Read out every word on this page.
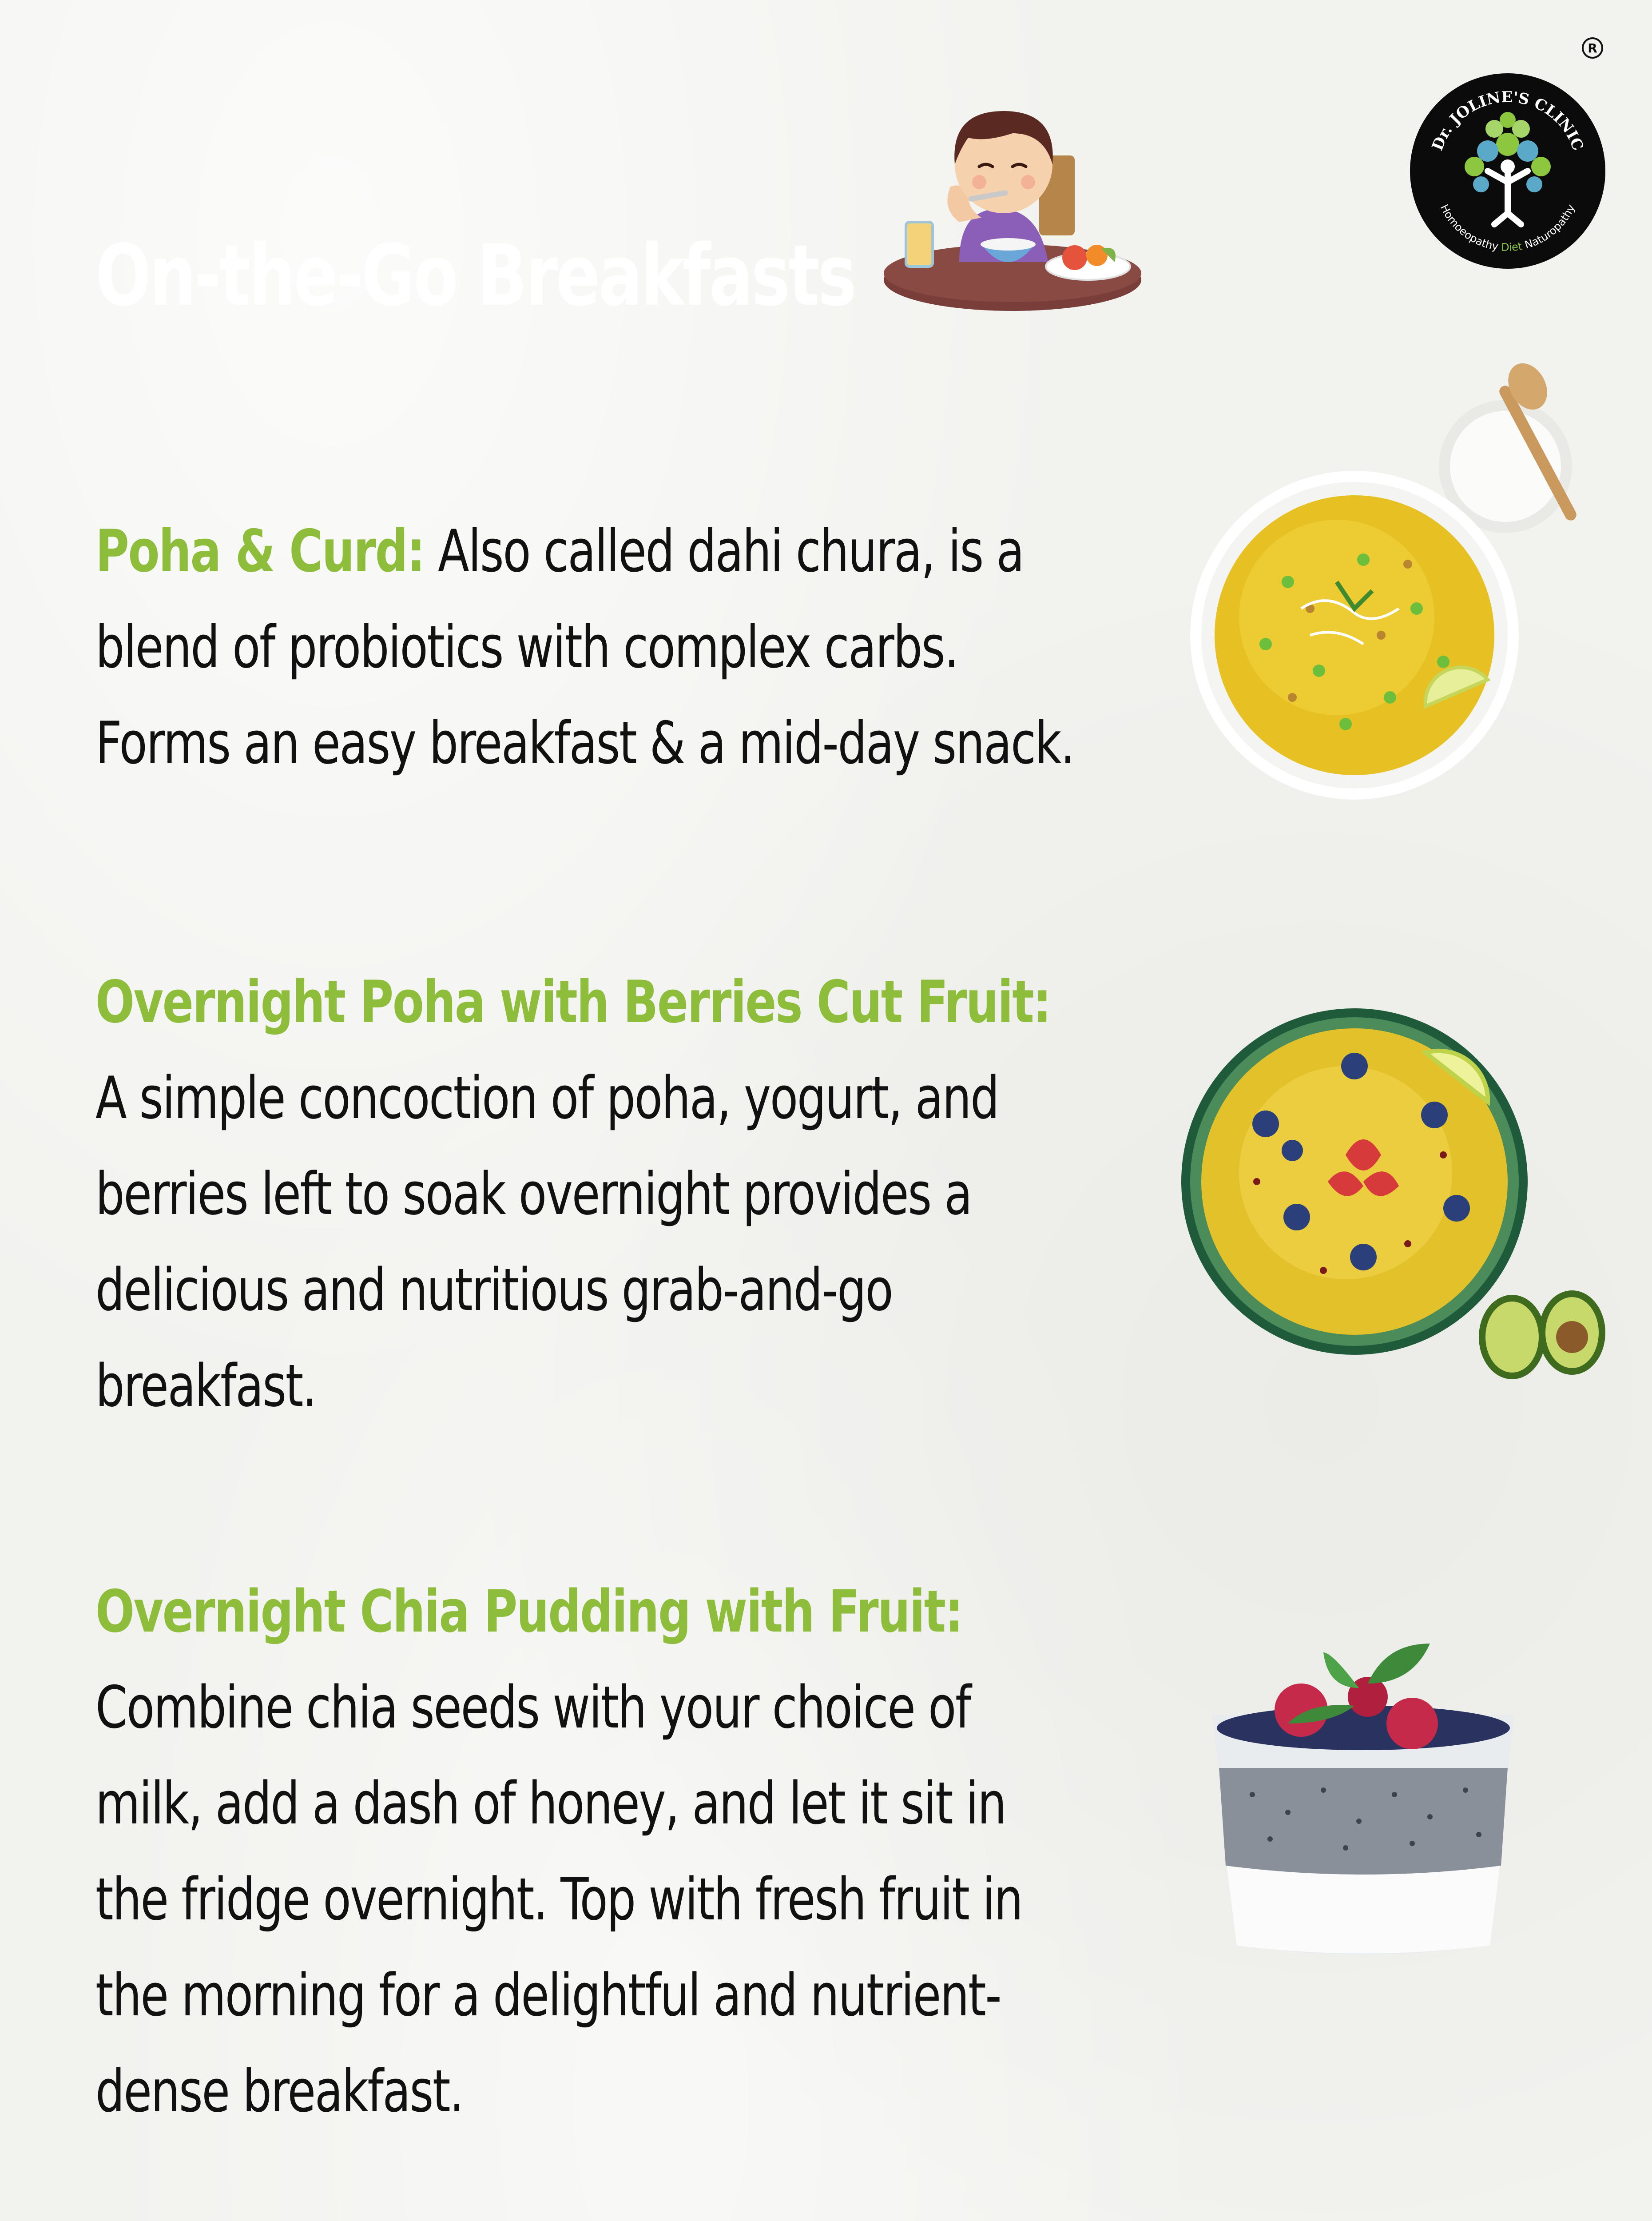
On-the-Go Breakfasts
Dr. JOLINE'S CLINIC
Homoeopathy Diet Naturopathy
R

Poha & Curd: Also called dahi chura, is a
blend of probiotics with complex carbs.
Forms an easy breakfast & a mid-day snack.

Overnight Poha with Berries Cut Fruit:
A simple concoction of poha, yogurt, and
berries left to soak overnight provides a
delicious and nutritious grab-and-go
breakfast.

Overnight Chia Pudding with Fruit:
Combine chia seeds with your choice of
milk, add a dash of honey, and let it sit in
the fridge overnight. Top with fresh fruit in
the morning for a delightful and nutrient-
dense breakfast.
